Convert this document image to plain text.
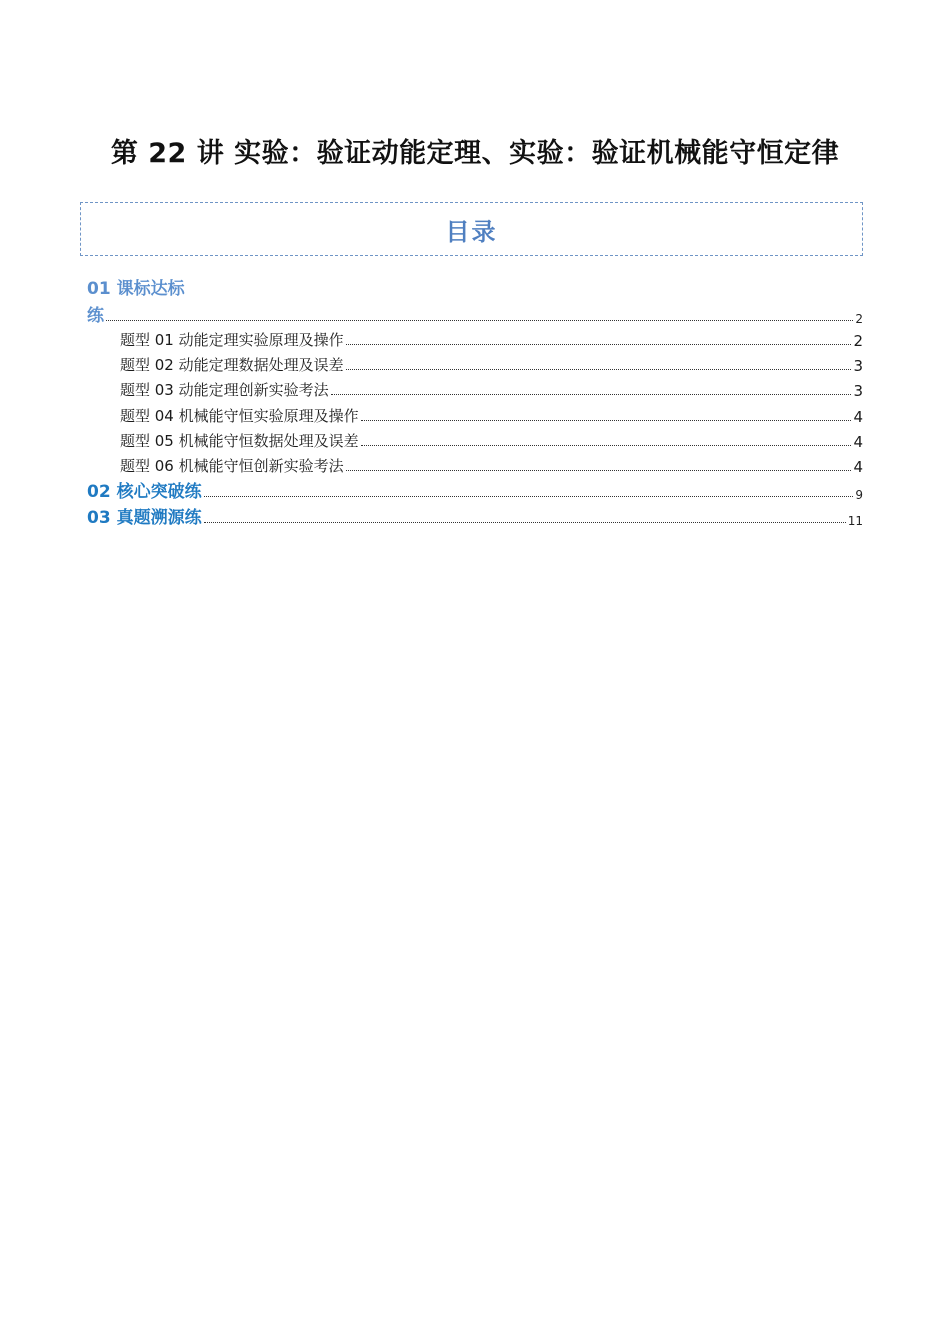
第 22 讲 实验：验证动能定理、实验：验证机械能守恒定律
目录
01 课标达标
练	2
题型 01 动能定理实验原理及操作	2
题型 02 动能定理数据处理及误差	3
题型 03 动能定理创新实验考法	3
题型 04 机械能守恒实验原理及操作	4
题型 05 机械能守恒数据处理及误差	4
题型 06 机械能守恒创新实验考法	4
02 核心突破练	9
03 真题溯源练	11
